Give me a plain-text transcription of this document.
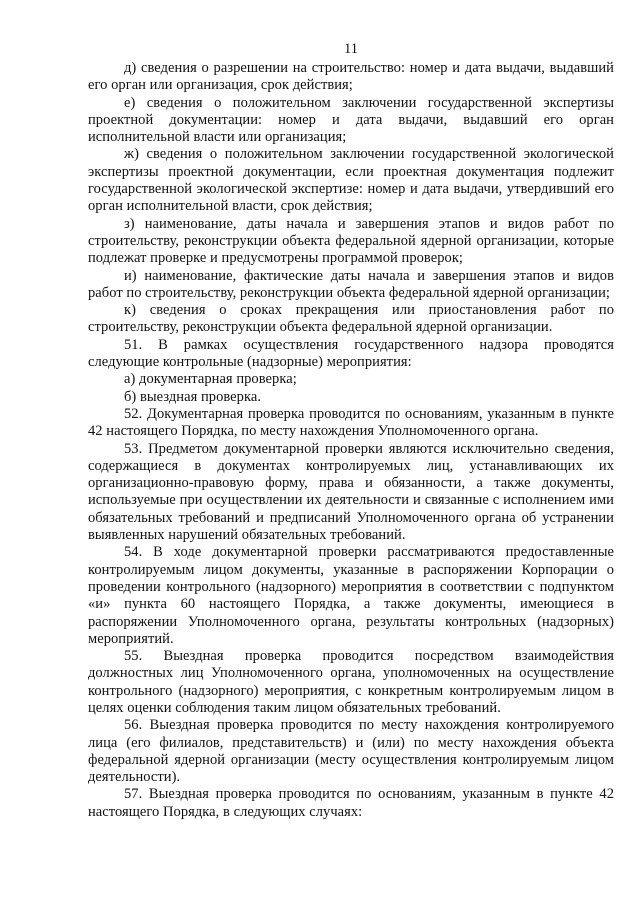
11

д) сведения о разрешении на строительство: номер и дата выдачи, выдавший его орган или организация, срок действия;

е) сведения о положительном заключении государственной экспертизы проектной документации: номер и дата выдачи, выдавший его орган исполнительной власти или организация;

ж) сведения о положительном заключении государственной экологической экспертизы проектной документации, если проектная документация подлежит государственной экологической экспертизе: номер и дата выдачи, утвердивший его орган исполнительной власти, срок действия;

з) наименование, даты начала и завершения этапов и видов работ по строительству, реконструкции объекта федеральной ядерной организации, которые подлежат проверке и предусмотрены программой проверок;

и) наименование, фактические даты начала и завершения этапов и видов работ по строительству, реконструкции объекта федеральной ядерной организации;

к) сведения о сроках прекращения или приостановления работ по строительству, реконструкции объекта федеральной ядерной организации.

51. В рамках осуществления государственного надзора проводятся следующие контрольные (надзорные) мероприятия:

а) документарная проверка;

б) выездная проверка.

52. Документарная проверка проводится по основаниям, указанным в пункте 42 настоящего Порядка, по месту нахождения Уполномоченного органа.

53. Предметом документарной проверки являются исключительно сведения, содержащиеся в документах контролируемых лиц, устанавливающих их организационно-правовую форму, права и обязанности, а также документы, используемые при осуществлении их деятельности и связанные с исполнением ими обязательных требований и предписаний Уполномоченного органа об устранении выявленных нарушений обязательных требований.

54. В ходе документарной проверки рассматриваются предоставленные контролируемым лицом документы, указанные в распоряжении Корпорации о проведении контрольного (надзорного) мероприятия в соответствии с подпунктом «и» пункта 60 настоящего Порядка, а также документы, имеющиеся в распоряжении Уполномоченного органа, результаты контрольных (надзорных) мероприятий.

55. Выездная проверка проводится посредством взаимодействия должностных лиц Уполномоченного органа, уполномоченных на осуществление контрольного (надзорного) мероприятия, с конкретным контролируемым лицом в целях оценки соблюдения таким лицом обязательных требований.

56. Выездная проверка проводится по месту нахождения контролируемого лица (его филиалов, представительств) и (или) по месту нахождения объекта федеральной ядерной организации (месту осуществления контролируемым лицом деятельности).

57. Выездная проверка проводится по основаниям, указанным в пункте 42 настоящего Порядка, в следующих случаях:
